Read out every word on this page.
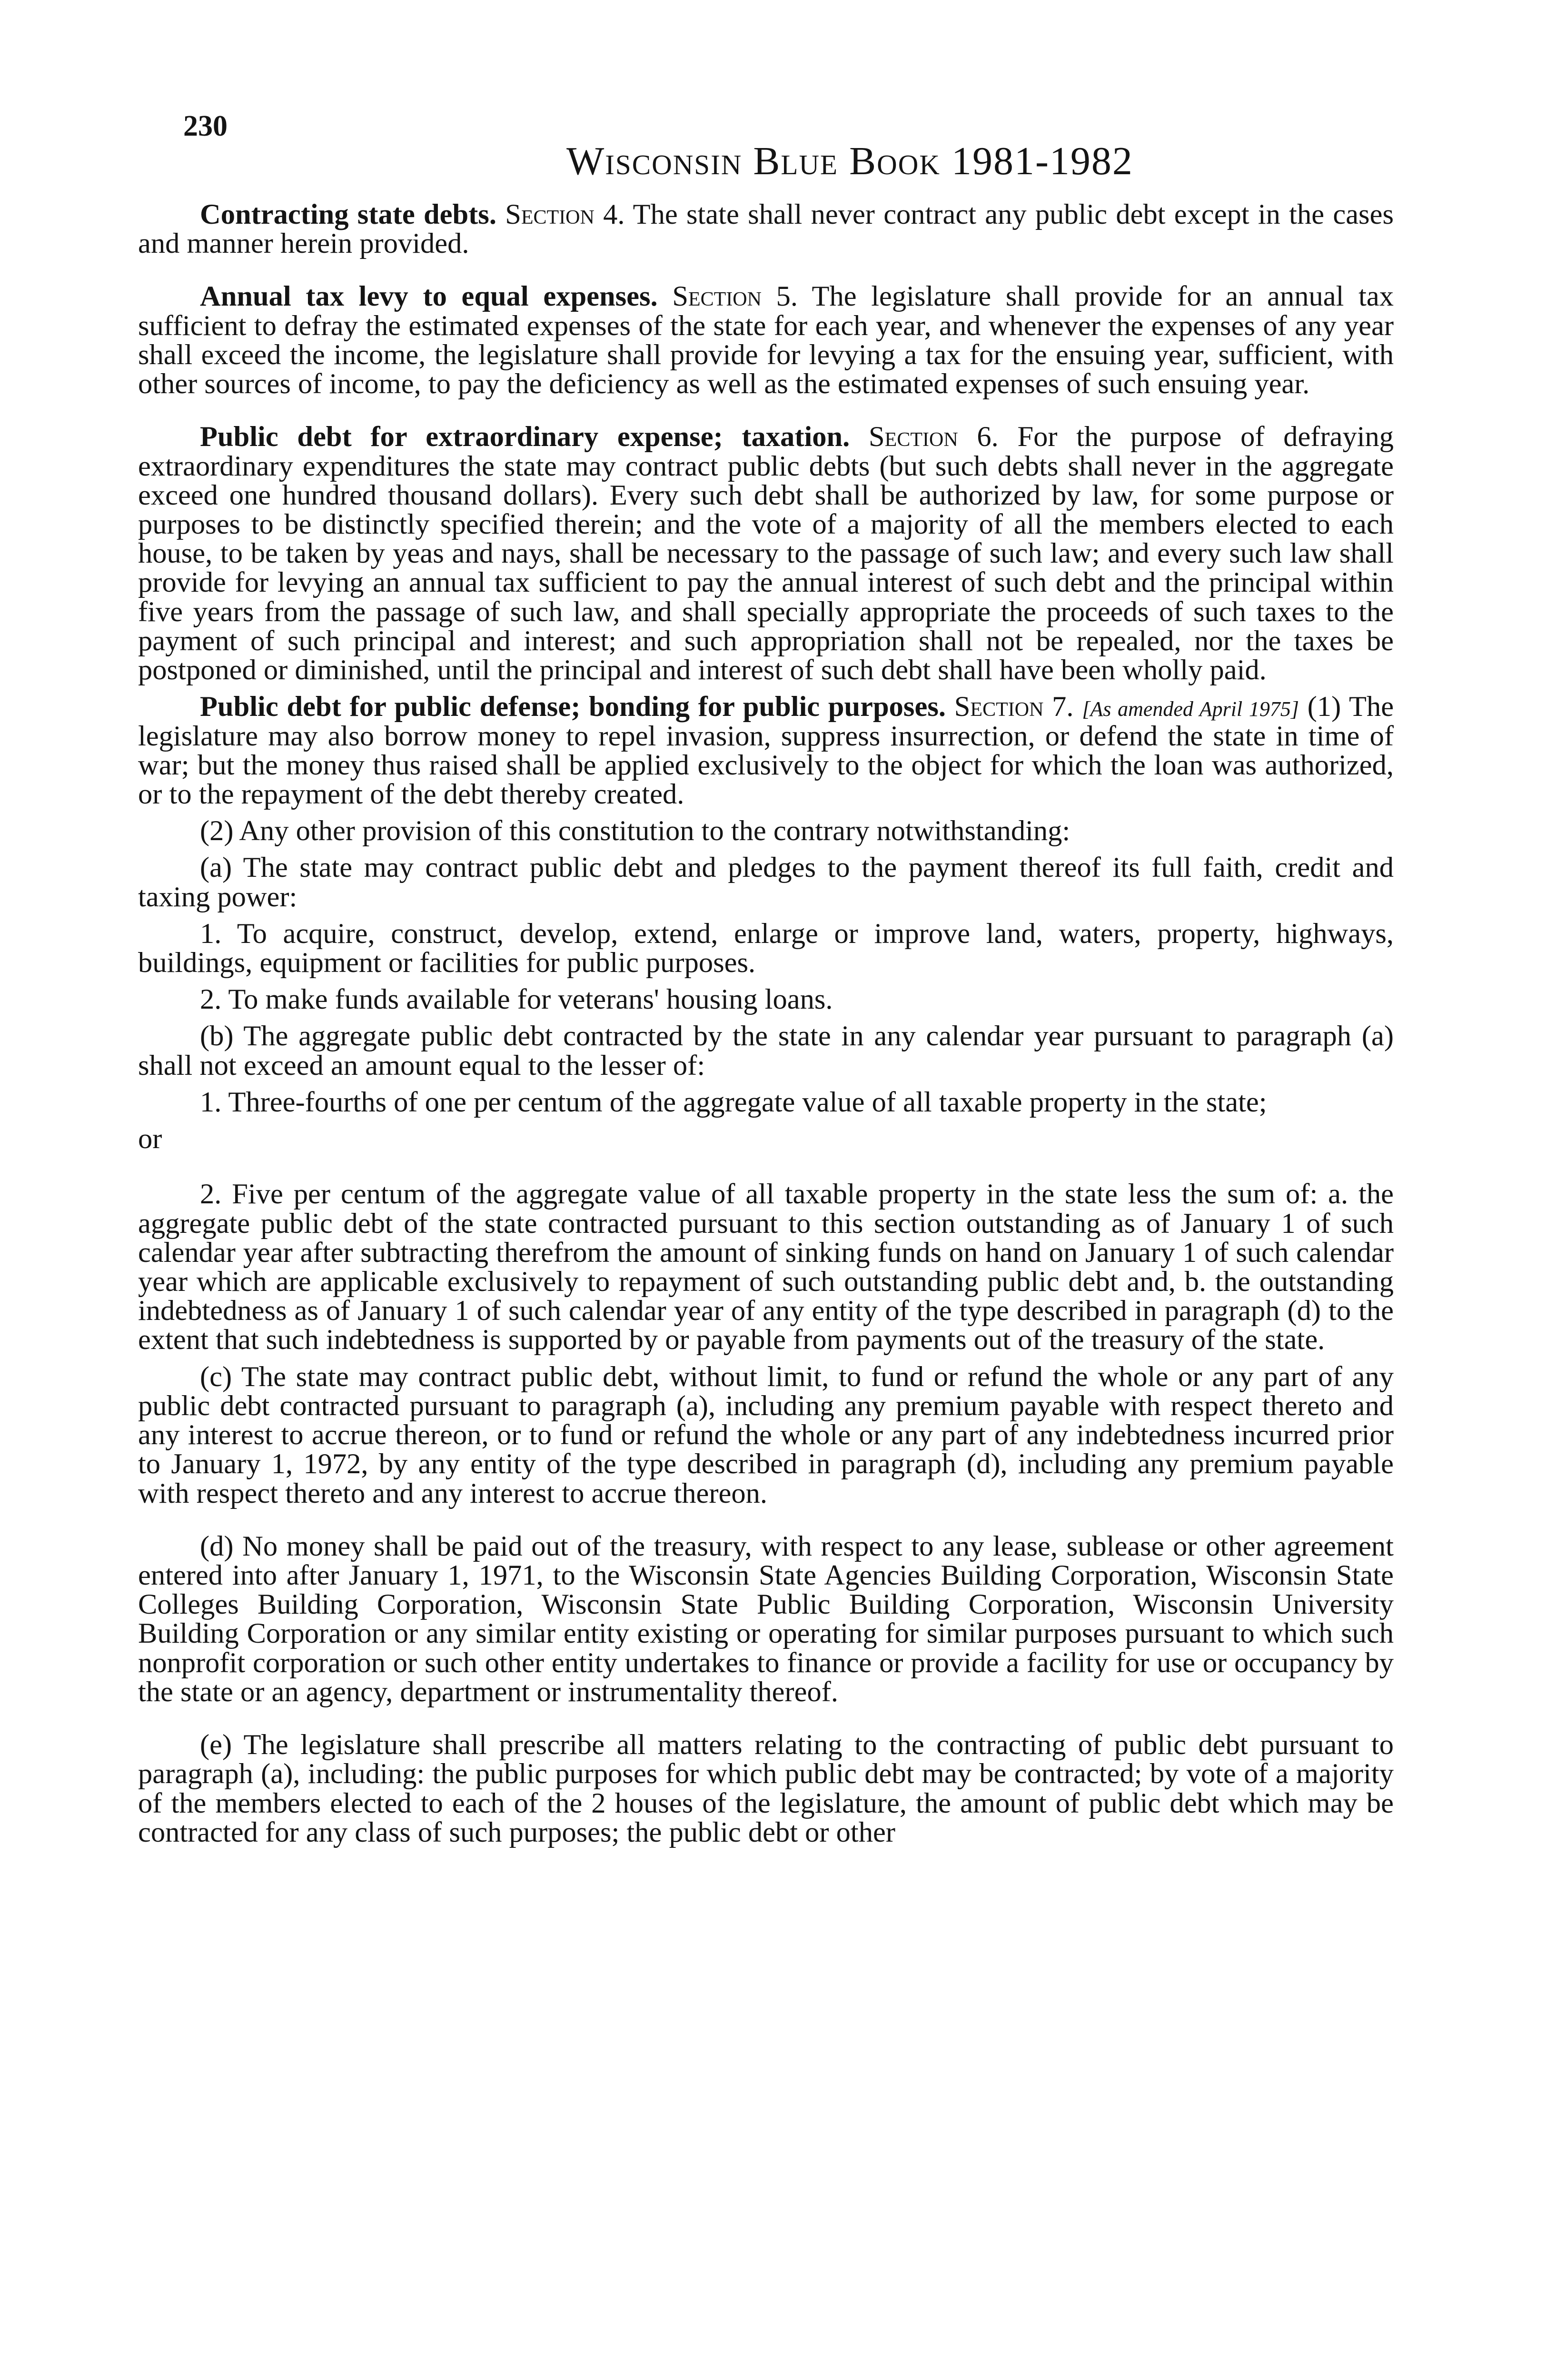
230
Wisconsin Blue Book 1981-1982

Contracting state debts. Section 4. The state shall never contract any public debt except in the cases and manner herein provided.

Annual tax levy to equal expenses. Section 5. The legislature shall provide for an annual tax sufficient to defray the estimated expenses of the state for each year, and whenever the expenses of any year shall exceed the income, the legislature shall provide for levying a tax for the ensuing year, sufficient, with other sources of income, to pay the deficiency as well as the estimated expenses of such ensuing year.

Public debt for extraordinary expense; taxation. Section 6. For the purpose of defraying extraordinary expenditures the state may contract public debts (but such debts shall never in the aggregate exceed one hundred thousand dollars). Every such debt shall be authorized by law, for some purpose or purposes to be distinctly specified therein; and the vote of a majority of all the members elected to each house, to be taken by yeas and nays, shall be necessary to the passage of such law; and every such law shall provide for levying an annual tax sufficient to pay the annual interest of such debt and the principal within five years from the passage of such law, and shall specially appropriate the proceeds of such taxes to the payment of such principal and interest; and such appropriation shall not be repealed, nor the taxes be postponed or diminished, until the principal and interest of such debt shall have been wholly paid.

Public debt for public defense; bonding for public purposes. Section 7. [As amended April 1975] (1) The legislature may also borrow money to repel invasion, suppress insurrection, or defend the state in time of war; but the money thus raised shall be applied exclusively to the object for which the loan was authorized, or to the repayment of the debt thereby created.

(2) Any other provision of this constitution to the contrary notwithstanding:

(a) The state may contract public debt and pledges to the payment thereof its full faith, credit and taxing power:

1. To acquire, construct, develop, extend, enlarge or improve land, waters, property, highways, buildings, equipment or facilities for public purposes.

2. To make funds available for veterans' housing loans.

(b) The aggregate public debt contracted by the state in any calendar year pursuant to paragraph (a) shall not exceed an amount equal to the lesser of:

1. Three-fourths of one per centum of the aggregate value of all taxable property in the state;

or

2. Five per centum of the aggregate value of all taxable property in the state less the sum of: a. the aggregate public debt of the state contracted pursuant to this section outstanding as of January 1 of such calendar year after subtracting therefrom the amount of sinking funds on hand on January 1 of such calendar year which are applicable exclusively to repayment of such outstanding public debt and, b. the outstanding indebtedness as of January 1 of such calendar year of any entity of the type described in paragraph (d) to the extent that such indebtedness is supported by or payable from payments out of the treasury of the state.

(c) The state may contract public debt, without limit, to fund or refund the whole or any part of any public debt contracted pursuant to paragraph (a), including any premium payable with respect thereto and any interest to accrue thereon, or to fund or refund the whole or any part of any indebtedness incurred prior to January 1, 1972, by any entity of the type described in paragraph (d), including any premium payable with respect thereto and any interest to accrue thereon.

(d) No money shall be paid out of the treasury, with respect to any lease, sublease or other agreement entered into after January 1, 1971, to the Wisconsin State Agencies Building Corporation, Wisconsin State Colleges Building Corporation, Wisconsin State Public Building Corporation, Wisconsin University Building Corporation or any similar entity existing or operating for similar purposes pursuant to which such nonprofit corporation or such other entity undertakes to finance or provide a facility for use or occupancy by the state or an agency, department or instrumentality thereof.

(e) The legislature shall prescribe all matters relating to the contracting of public debt pursuant to paragraph (a), including: the public purposes for which public debt may be contracted; by vote of a majority of the members elected to each of the 2 houses of the legislature, the amount of public debt which may be contracted for any class of such purposes; the public debt or other
